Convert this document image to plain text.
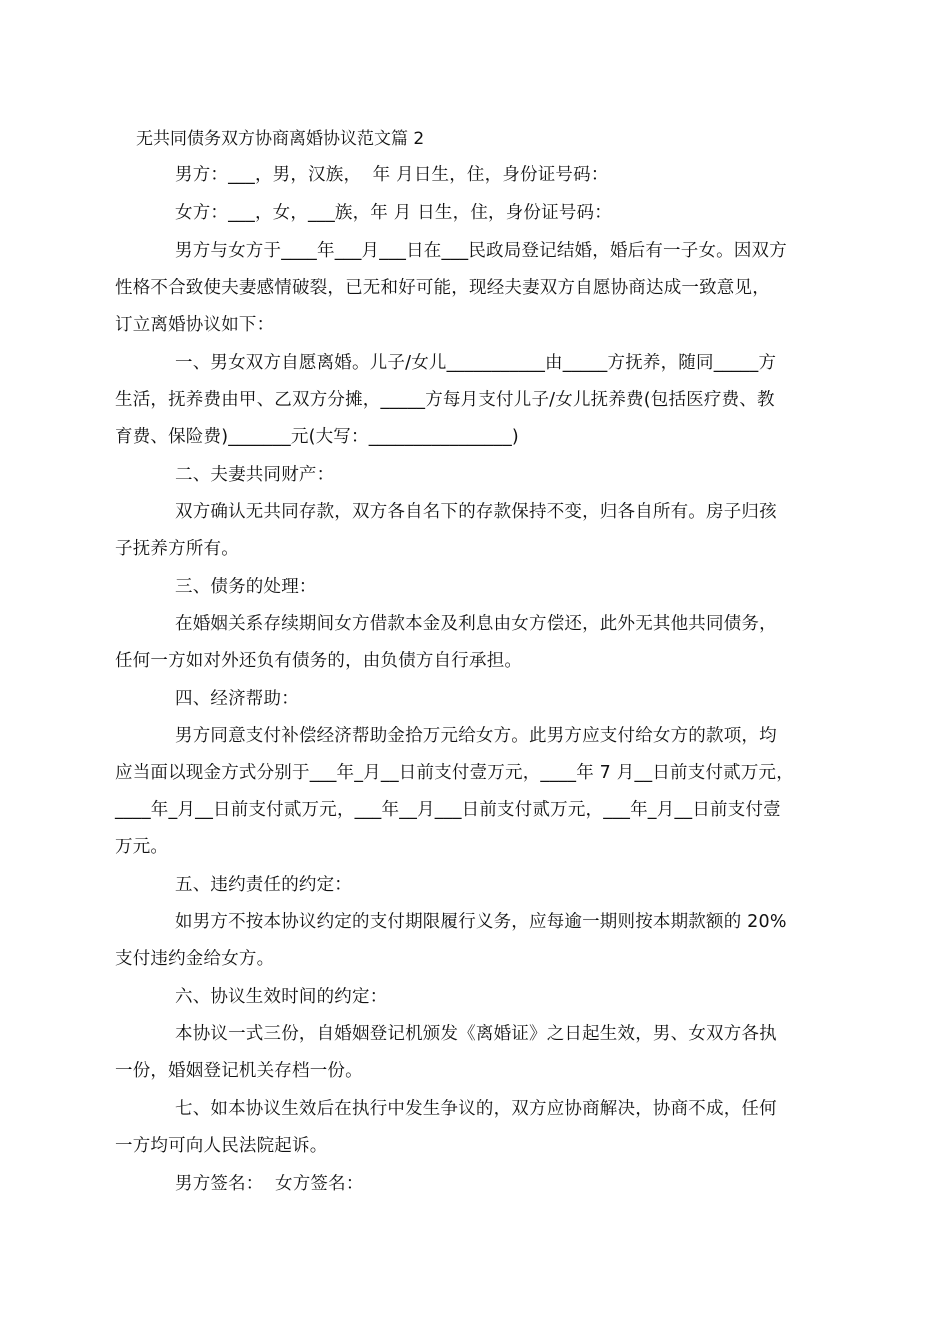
无共同债务双方协商离婚协议范文篇 2
男方：___，男，汉族，  年 月日生，住，身份证号码：
女方：___，女，___族，年 月 日生，住，身份证号码：
男方与女方于____年___月___日在___民政局登记结婚，婚后有一子女。因双方
性格不合致使夫妻感情破裂，已无和好可能，现经夫妻双方自愿协商达成一致意见，
订立离婚协议如下：
一、男女双方自愿离婚。儿子/女儿___________由_____方抚养，随同_____方
生活，抚养费由甲、乙双方分摊，_____方每月支付儿子/女儿抚养费(包括医疗费、教
育费、保险费)_______元(大写：________________)
二、夫妻共同财产：
双方确认无共同存款，双方各自名下的存款保持不变，归各自所有。房子归孩
子抚养方所有。
三、债务的处理：
在婚姻关系存续期间女方借款本金及利息由女方偿还，此外无其他共同债务，
任何一方如对外还负有债务的，由负债方自行承担。
四、经济帮助：
男方同意支付补偿经济帮助金拾万元给女方。此男方应支付给女方的款项，均
应当面以现金方式分别于___年_月__日前支付壹万元，____年 7 月__日前支付贰万元，
____年_月__日前支付贰万元，___年__月___日前支付贰万元，___年_月__日前支付壹
万元。
五、违约责任的约定：
如男方不按本协议约定的支付期限履行义务，应每逾一期则按本期款额的 20%
支付违约金给女方。
六、协议生效时间的约定：
本协议一式三份，自婚姻登记机颁发《离婚证》之日起生效，男、女双方各执
一份，婚姻登记机关存档一份。
七、如本协议生效后在执行中发生争议的，双方应协商解决，协商不成，任何
一方均可向人民法院起诉。
男方签名：  女方签名：
